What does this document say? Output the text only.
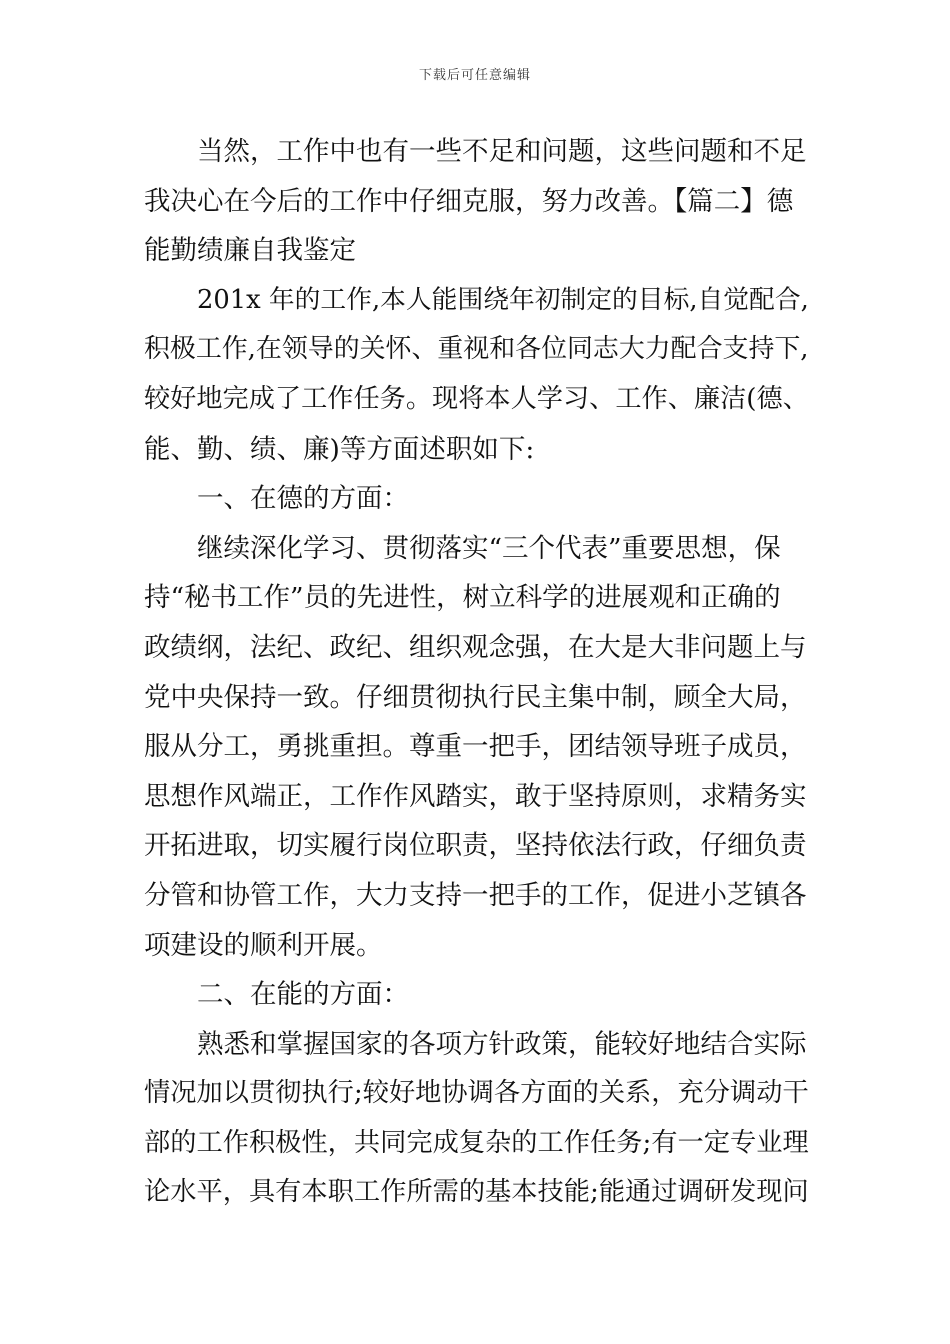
下载后可任意编辑
当然，工作中也有一些不足和问题，这些问题和不足
我决心在今后的工作中仔细克服，努力改善。【篇二】德
能勤绩廉自我鉴定
201x 年的工作,本人能围绕年初制定的目标,自觉配合,
积极工作,在领导的关怀、重视和各位同志大力配合支持下,
较好地完成了工作任务。现将本人学习、工作、廉洁(德、
能、勤、绩、廉)等方面述职如下:
一、在德的方面：
继续深化学习、贯彻落实“三个代表”重要思想，保
持“秘书工作”员的先进性，树立科学的进展观和正确的
政绩纲，法纪、政纪、组织观念强，在大是大非问题上与
党中央保持一致。仔细贯彻执行民主集中制，顾全大局，
服从分工，勇挑重担。尊重一把手，团结领导班子成员，
思想作风端正，工作作风踏实，敢于坚持原则，求精务实
开拓进取，切实履行岗位职责，坚持依法行政，仔细负责
分管和协管工作，大力支持一把手的工作，促进小芝镇各
项建设的顺利开展。
二、在能的方面：
熟悉和掌握国家的各项方针政策，能较好地结合实际
情况加以贯彻执行;较好地协调各方面的关系，充分调动干
部的工作积极性，共同完成复杂的工作任务;有一定专业理
论水平，具有本职工作所需的基本技能;能通过调研发现问
